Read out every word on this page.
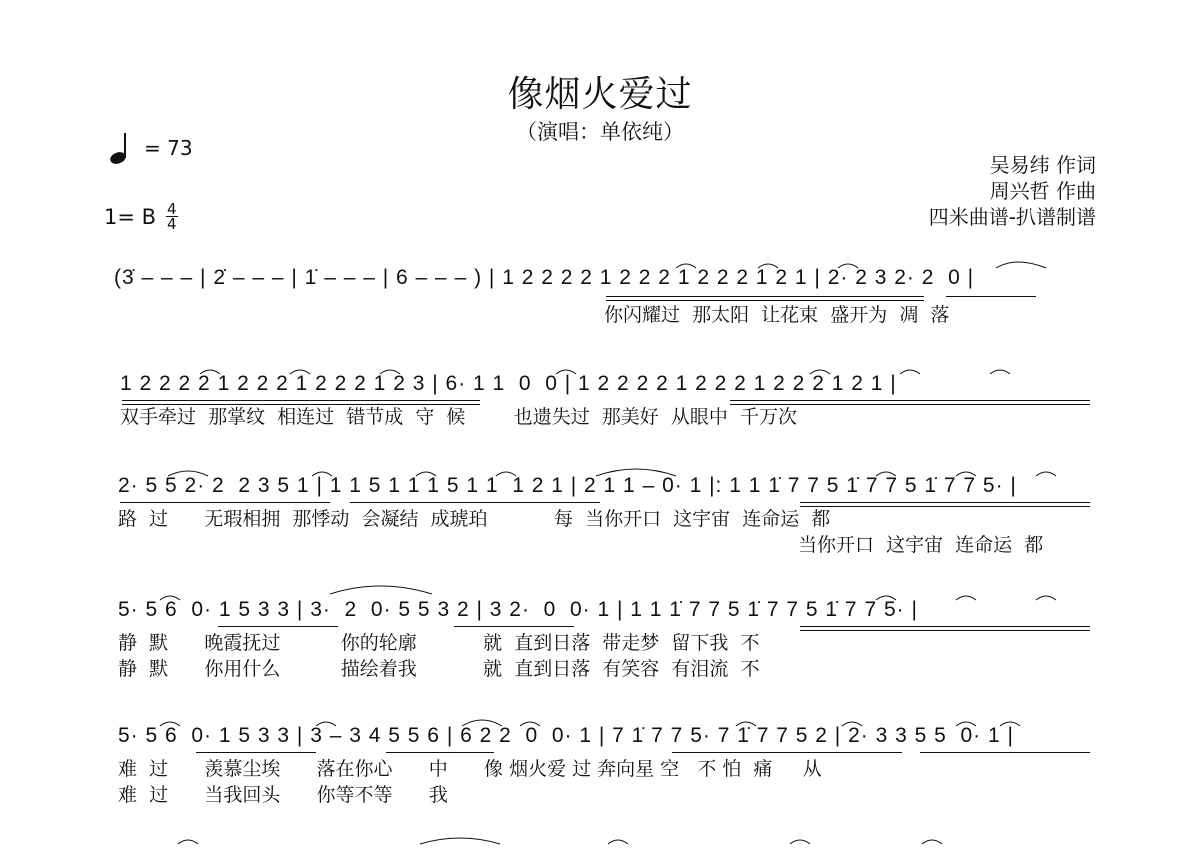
像烟火爱过
（演唱：单依纯）
= 73
1= B $\frac{4}{4}$
吴易纬 作词
周兴哲 作曲
四米曲谱-扒谱制谱
(3̇ – – – | 2̇ – – – | 1̇ – – – | 6 – – – ) | 1 2 2 2 2 1 2 2 2 1 2 2 2 1 2 1 | 2· 2 3 2· 2  0 |
你闪耀过  那太阳  让花束  盛开为  凋  落
1 2 2 2 2 1 2 2 2 1 2 2 2 1 2 3 | 6· 1 1  0  0 | 1 2 2 2 2 1 2 2 2 1 2 2 2 1 2 1 |
双手牵过  那掌纹  相连过  错节成  守  候        也遗失过  那美好  从眼中  千万次
2· 5 5 2· 2  2 3 5 1 | 1 1 5 1 1 1 5 1 1  1 2 1 | 2 1 1 – 0· 1 |: 1 1 1̇ 7 7 5 1̇ 7 7 5 1̇ 7 7 5· |
路  过      无瑕相拥  那悸动  会凝结  成琥珀           每  当你开口  这宇宙  连命运  都
当你开口  这宇宙  连命运  都
5· 5 6  0· 1 5 3 3 | 3·  2  0· 5 5 3 2 | 3 2·  0  0· 1 | 1 1 1̇ 7 7 5 1̇ 7 7 5 1̇ 7 7 5· |
静  默      晚霞抚过          你的轮廓           就  直到日落  带走梦  留下我  不
静  默      你用什么          描绘着我           就  直到日落  有笑容  有泪流  不
5· 5 6  0· 1 5 3 3 | 3 – 3 4 5 5 6 | 6 2 2  0  0· 1 | 7 1̇ 7 7 5· 7 1̇ 7 7 5 2 | 2· 3 3 5 5  0· 1 |
难  过      羡慕尘埃      落在你心      中      像 烟火爱 过 奔向星 空   不 怕  痛     从
难  过      当我回头      你等不等      我
